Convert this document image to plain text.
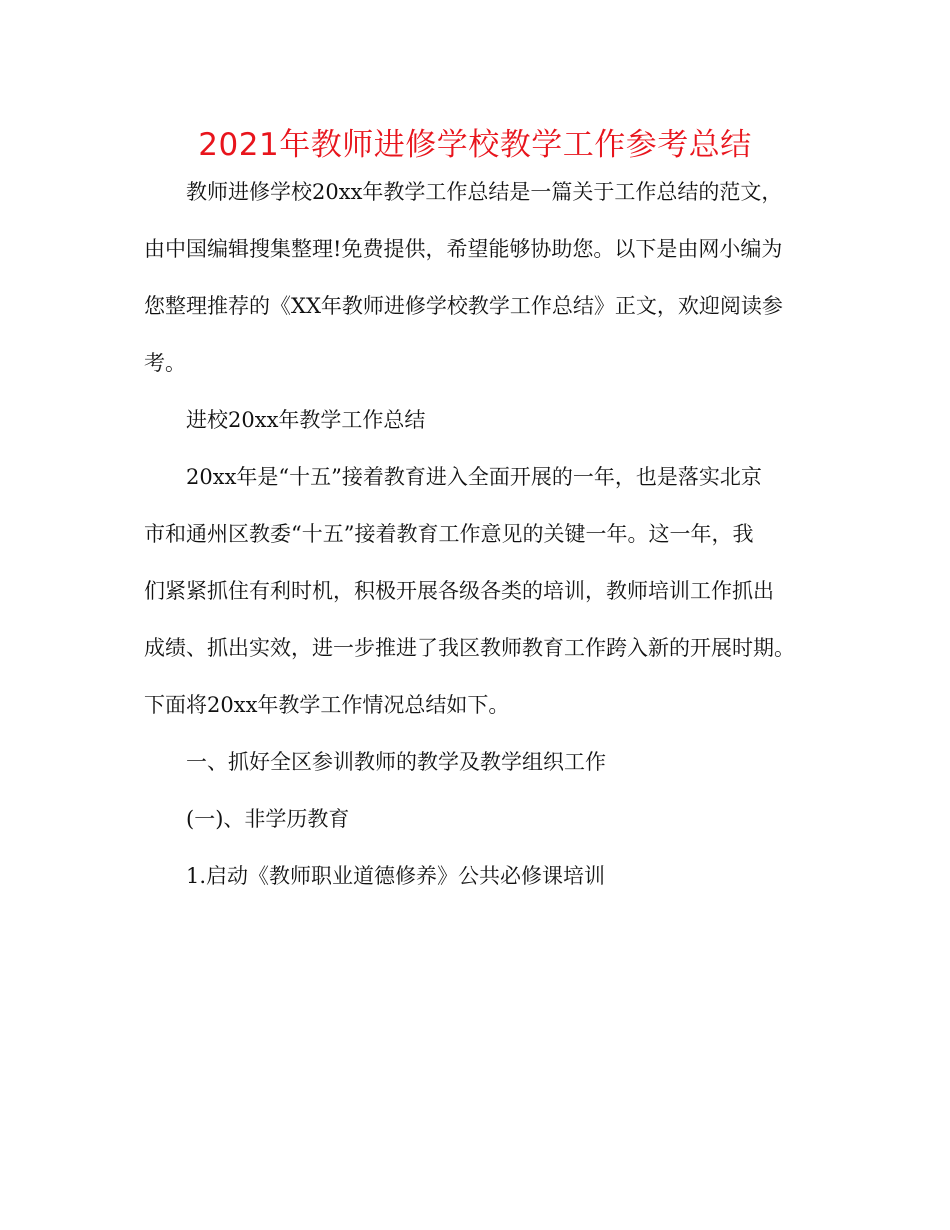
2021年教师进修学校教学工作参考总结
教师进修学校20xx年教学工作总结是一篇关于工作总结的范文，
由中国编辑搜集整理!免费提供，希望能够协助您。以下是由网小编为
您整理推荐的《XX年教师进修学校教学工作总结》正文，欢迎阅读参
考。
进校20xx年教学工作总结
20xx年是“十五”接着教育进入全面开展的一年，也是落实北京
市和通州区教委“十五”接着教育工作意见的关键一年。这一年，我
们紧紧抓住有利时机，积极开展各级各类的培训，教师培训工作抓出
成绩、抓出实效，进一步推进了我区教师教育工作跨入新的开展时期。
下面将20xx年教学工作情况总结如下。
一、抓好全区参训教师的教学及教学组织工作
(一)、非学历教育
1.启动《教师职业道德修养》公共必修课培训
